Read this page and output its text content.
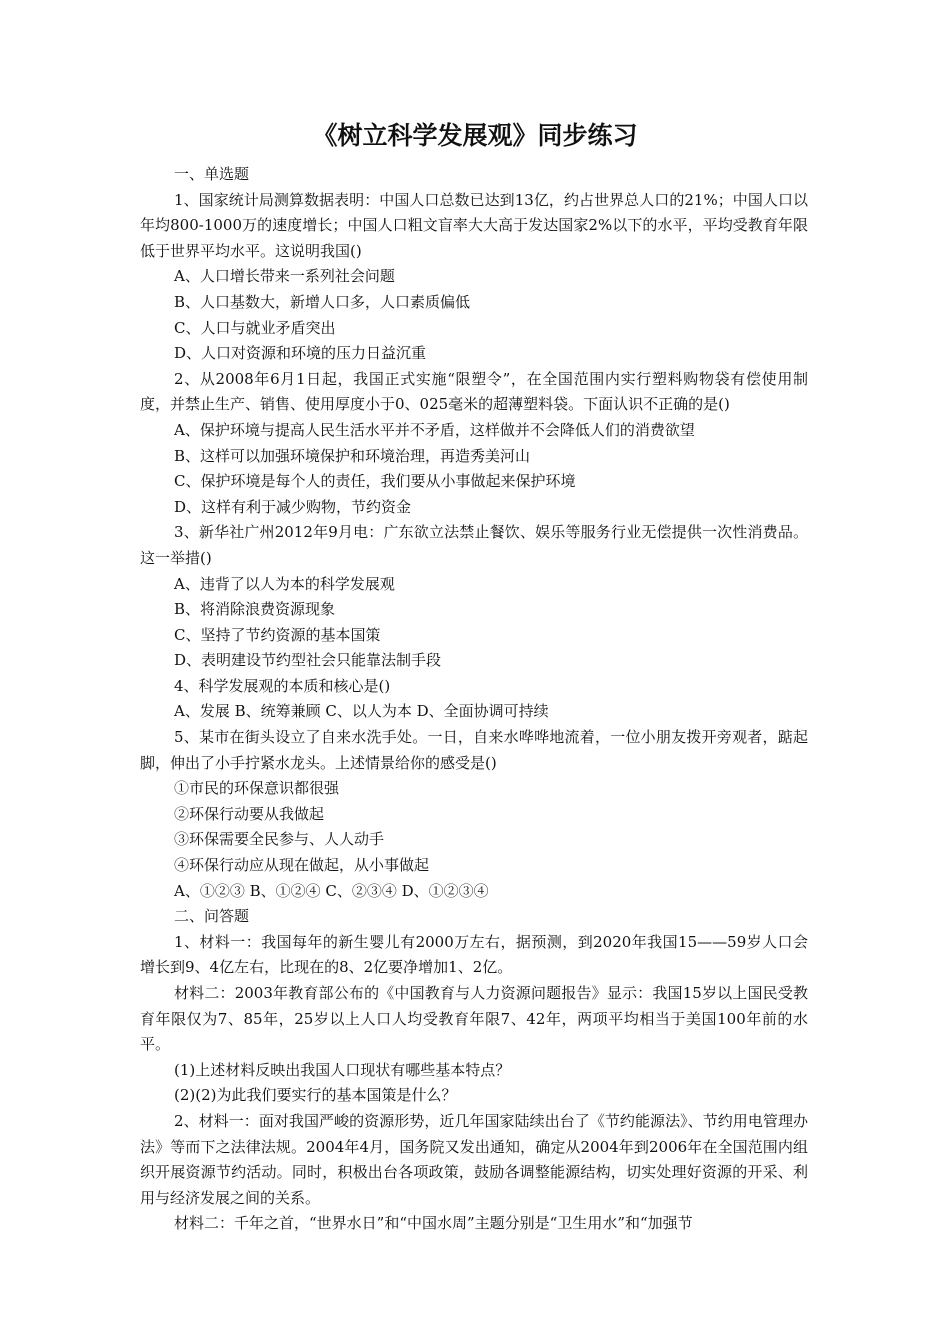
《树立科学发展观》同步练习

一、单选题

1、国家统计局测算数据表明：中国人口总数已达到13亿，约占世界总人口的21%；中国人口以年均800-1000万的速度增长；中国人口粗文盲率大大高于发达国家2%以下的水平，平均受教育年限低于世界平均水平。这说明我国()

A、人口增长带来一系列社会问题

B、人口基数大，新增人口多，人口素质偏低

C、人口与就业矛盾突出

D、人口对资源和环境的压力日益沉重

2、从2008年6月1日起，我国正式实施“限塑令”，在全国范围内实行塑料购物袋有偿使用制度，并禁止生产、销售、使用厚度小于0、025毫米的超薄塑料袋。下面认识不正确的是()

A、保护环境与提高人民生活水平并不矛盾，这样做并不会降低人们的消费欲望

B、这样可以加强环境保护和环境治理，再造秀美河山

C、保护环境是每个人的责任，我们要从小事做起来保护环境

D、这样有利于减少购物，节约资金

3、新华社广州2012年9月电：广东欲立法禁止餐饮、娱乐等服务行业无偿提供一次性消费品。这一举措()

A、违背了以人为本的科学发展观

B、将消除浪费资源现象

C、坚持了节约资源的基本国策

D、表明建设节约型社会只能靠法制手段

4、科学发展观的本质和核心是()

A、发展 B、统筹兼顾 C、以人为本 D、全面协调可持续

5、某市在街头设立了自来水洗手处。一日，自来水哗哗地流着，一位小朋友拨开旁观者，踮起脚，伸出了小手拧紧水龙头。上述情景给你的感受是()

①市民的环保意识都很强

②环保行动要从我做起

③环保需要全民参与、人人动手

④环保行动应从现在做起，从小事做起

A、①②③ B、①②④ C、②③④ D、①②③④

二、问答题

1、材料一：我国每年的新生婴儿有2000万左右，据预测，到2020年我国15——59岁人口会增长到9、4亿左右，比现在的8、2亿要净增加1、2亿。

材料二：2003年教育部公布的《中国教育与人力资源问题报告》显示：我国15岁以上国民受教育年限仅为7、85年，25岁以上人口人均受教育年限7、42年，两项平均相当于美国100年前的水平。

(1)上述材料反映出我国人口现状有哪些基本特点？

(2)(2)为此我们要实行的基本国策是什么？

2、材料一：面对我国严峻的资源形势，近几年国家陆续出台了《节约能源法》、节约用电管理办法》等而下之法律法规。2004年4月，国务院又发出通知，确定从2004年到2006年在全国范围内组织开展资源节约活动。同时，积极出台各项政策，鼓励各调整能源结构，切实处理好资源的开采、利用与经济发展之间的关系。

材料二：千年之首，“世界水日”和“中国水周”主题分别是“卫生用水”和“加强节
